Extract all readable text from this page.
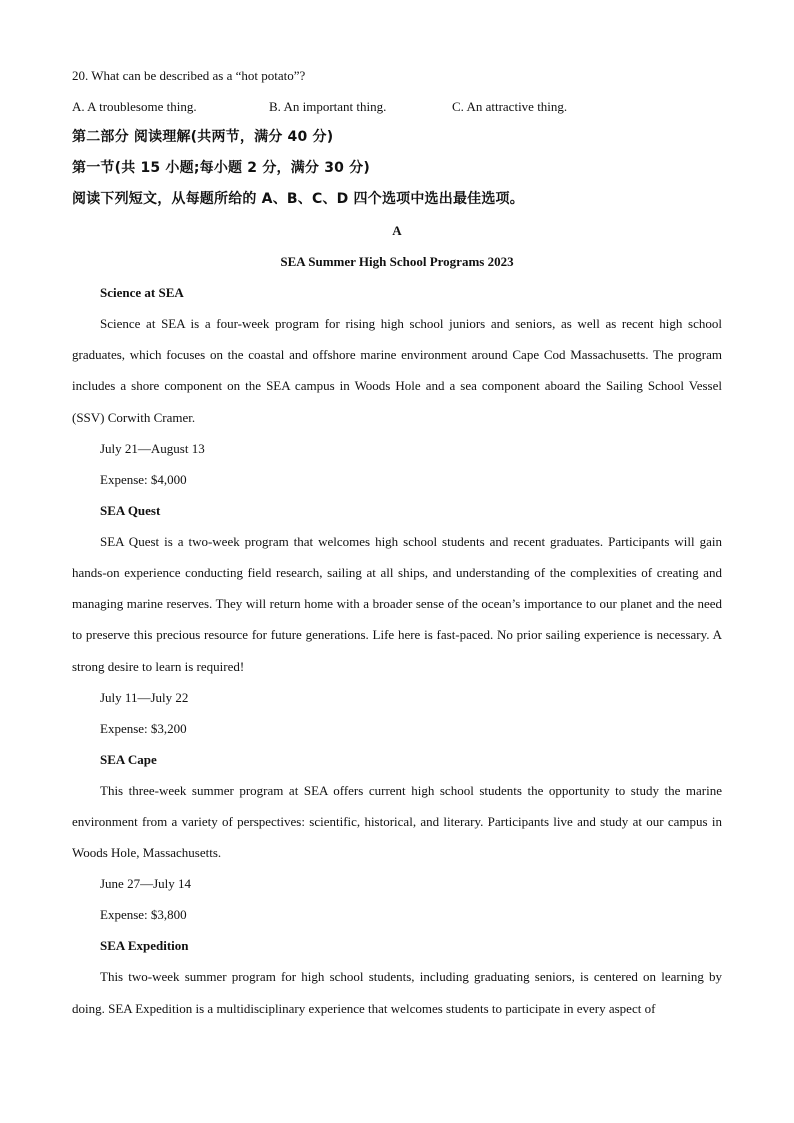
20. What can be described as a “hot potato”?

A. A troublesome thing.	B. An important thing.	C. An attractive thing.

第二部分 阅读理解(共两节，满分 40 分)

第一节(共 15 小题;每小题 2 分，满分 30 分)

阅读下列短文，从每题所给的 A、B、C、D 四个选项中选出最佳选项。

A

SEA Summer High School Programs 2023

Science at SEA

Science at SEA is a four-week program for rising high school juniors and seniors, as well as recent high school graduates, which focuses on the coastal and offshore marine environment around Cape Cod Massachusetts. The program includes a shore component on the SEA campus in Woods Hole and a sea component aboard the Sailing School Vessel (SSV) Corwith Cramer.

July 21—August 13

Expense: $4,000

SEA Quest

SEA Quest is a two-week program that welcomes high school students and recent graduates. Participants will gain hands-on experience conducting field research, sailing at all ships, and understanding of the complexities of creating and managing marine reserves. They will return home with a broader sense of the ocean’s importance to our planet and the need to preserve this precious resource for future generations. Life here is fast-paced. No prior sailing experience is necessary. A strong desire to learn is required!

July 11—July 22

Expense: $3,200

SEA Cape

This three-week summer program at SEA offers current high school students the opportunity to study the marine environment from a variety of perspectives: scientific, historical, and literary. Participants live and study at our campus in Woods Hole, Massachusetts.

June 27—July 14

Expense: $3,800

SEA Expedition

This two-week summer program for high school students, including graduating seniors, is centered on learning by doing. SEA Expedition is a multidisciplinary experience that welcomes students to participate in every aspect of
